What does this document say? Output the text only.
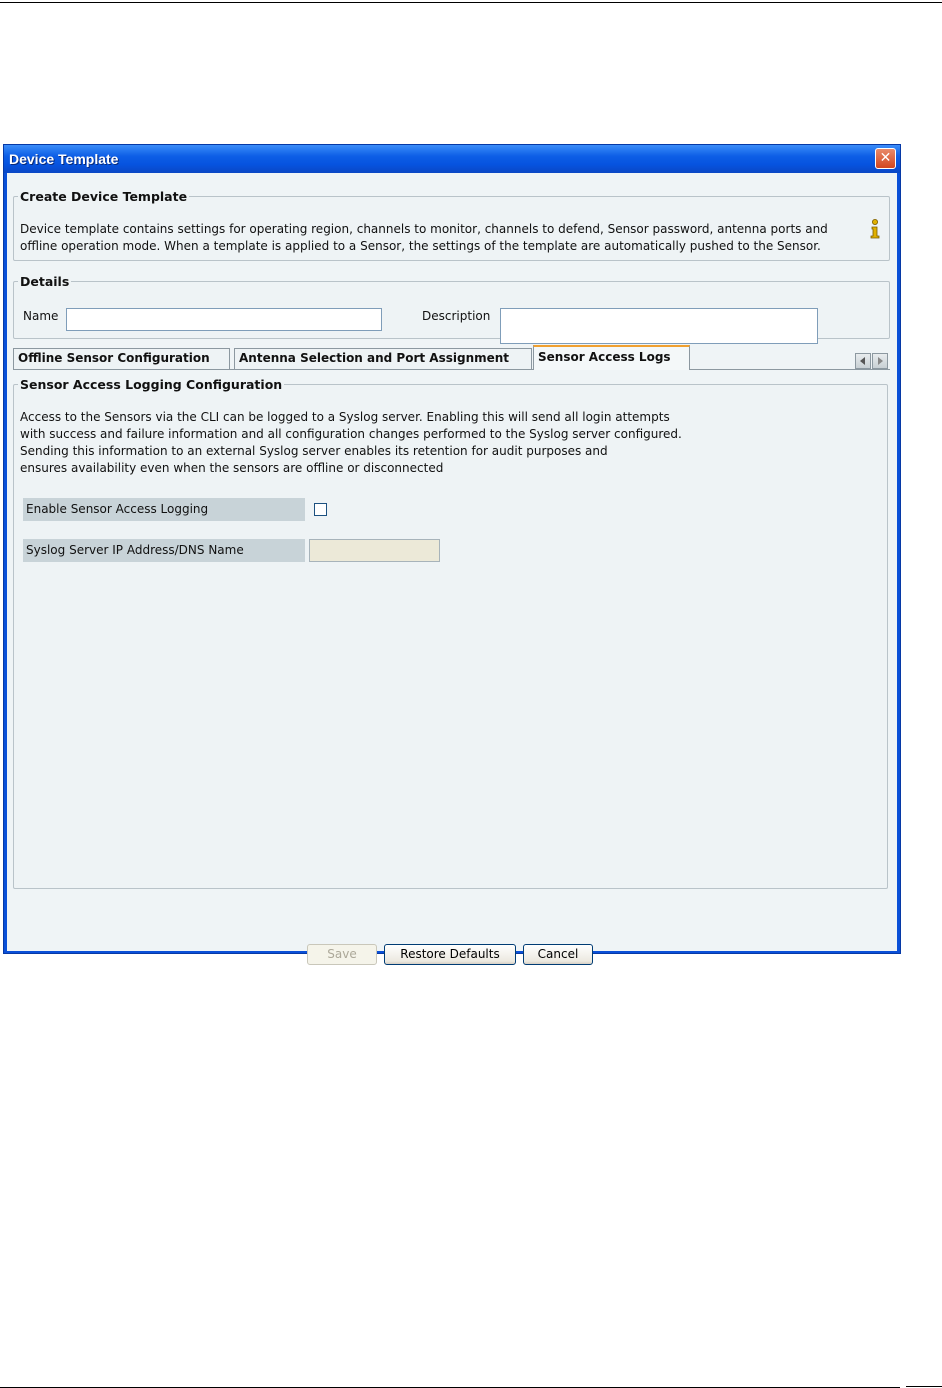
Device Template	✕
Create Device Template
Device template contains settings for operating region, channels to monitor, channels to defend, Sensor password, antenna ports and offline operation mode. When a template is applied to a Sensor, the settings of the template are automatically pushed to the Sensor.
Details
Name	Description
Offline Sensor Configuration	Antenna Selection and Port Assignment	Sensor Access Logs
Sensor Access Logging Configuration
Access to the Sensors via the CLI can be logged to a Syslog server. Enabling this will send all login attempts
with success and failure information and all configuration changes performed to the Syslog server configured.
Sending this information to an external Syslog server enables its retention for audit purposes and
ensures availability even when the sensors are offline or disconnected
Enable Sensor Access Logging
Syslog Server IP Address/DNS Name
Save	Restore Defaults	Cancel
